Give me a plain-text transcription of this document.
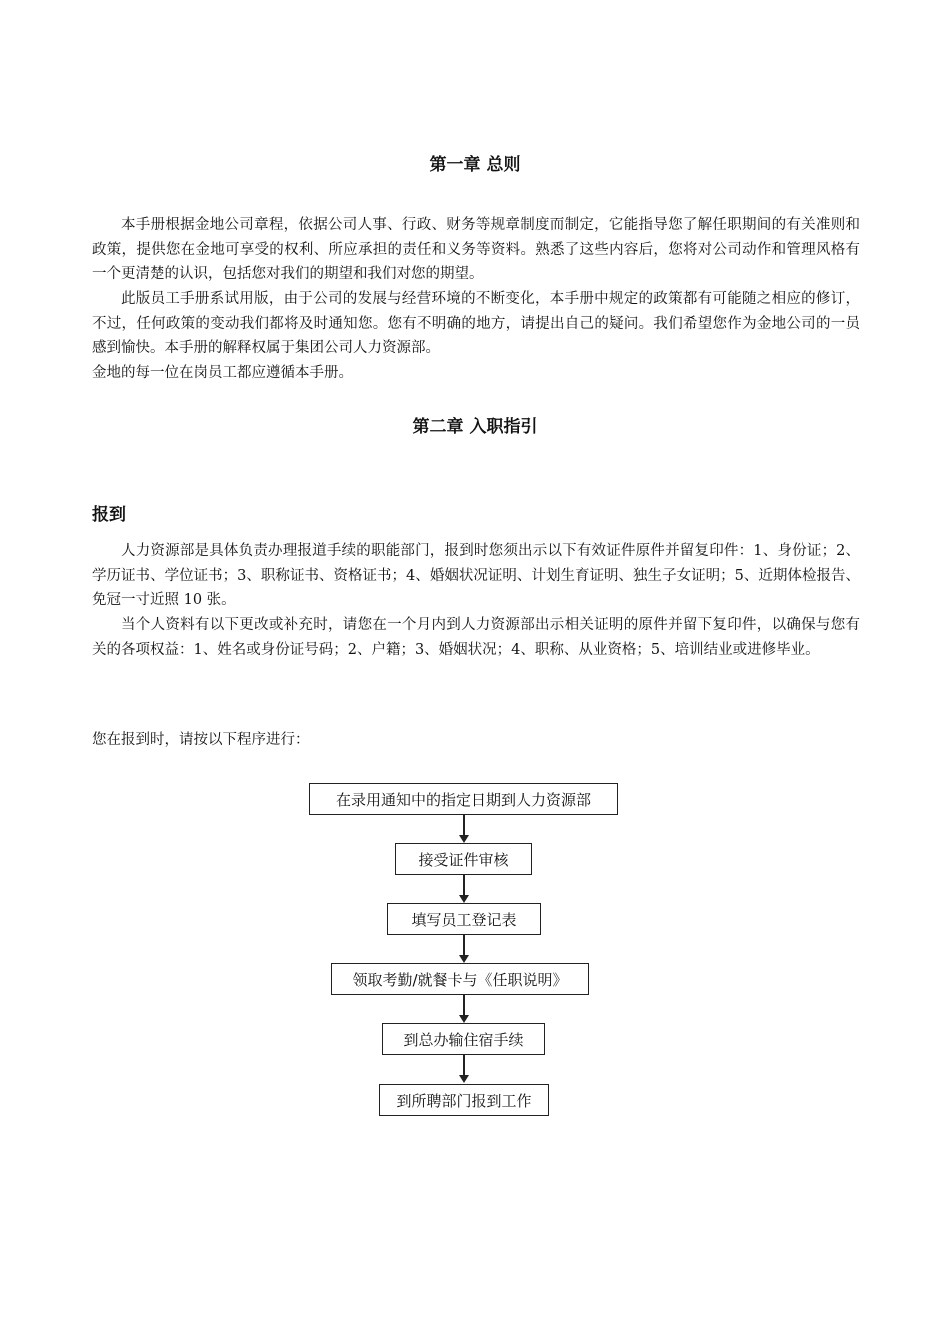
第一章 总则
本手册根据金地公司章程，依据公司人事、行政、财务等规章制度而制定，它能指导您了解任职期间的有关准则和政策，提供您在金地可享受的权利、所应承担的责任和义务等资料。熟悉了这些内容后，您将对公司动作和管理风格有一个更清楚的认识，包括您对我们的期望和我们对您的期望。
此版员工手册系试用版，由于公司的发展与经营环境的不断变化，本手册中规定的政策都有可能随之相应的修订，不过，任何政策的变动我们都将及时通知您。您有不明确的地方，请提出自己的疑问。我们希望您作为金地公司的一员感到愉快。本手册的解释权属于集团公司人力资源部。
金地的每一位在岗员工都应遵循本手册。
第二章 入职指引
报到
人力资源部是具体负责办理报道手续的职能部门，报到时您须出示以下有效证件原件并留复印件：1、身份证；2、学历证书、学位证书；3、职称证书、资格证书；4、婚姻状况证明、计划生育证明、独生子女证明；5、近期体检报告、免冠一寸近照 10 张。
当个人资料有以下更改或补充时，请您在一个月内到人力资源部出示相关证明的原件并留下复印件，以确保与您有关的各项权益：1、姓名或身份证号码；2、户籍；3、婚姻状况；4、职称、从业资格；5、培训结业或进修毕业。
您在报到时，请按以下程序进行：
在录用通知中的指定日期到人力资源部
接受证件审核
填写员工登记表
领取考勤/就餐卡与《任职说明》
到总办输住宿手续
到所聘部门报到工作
